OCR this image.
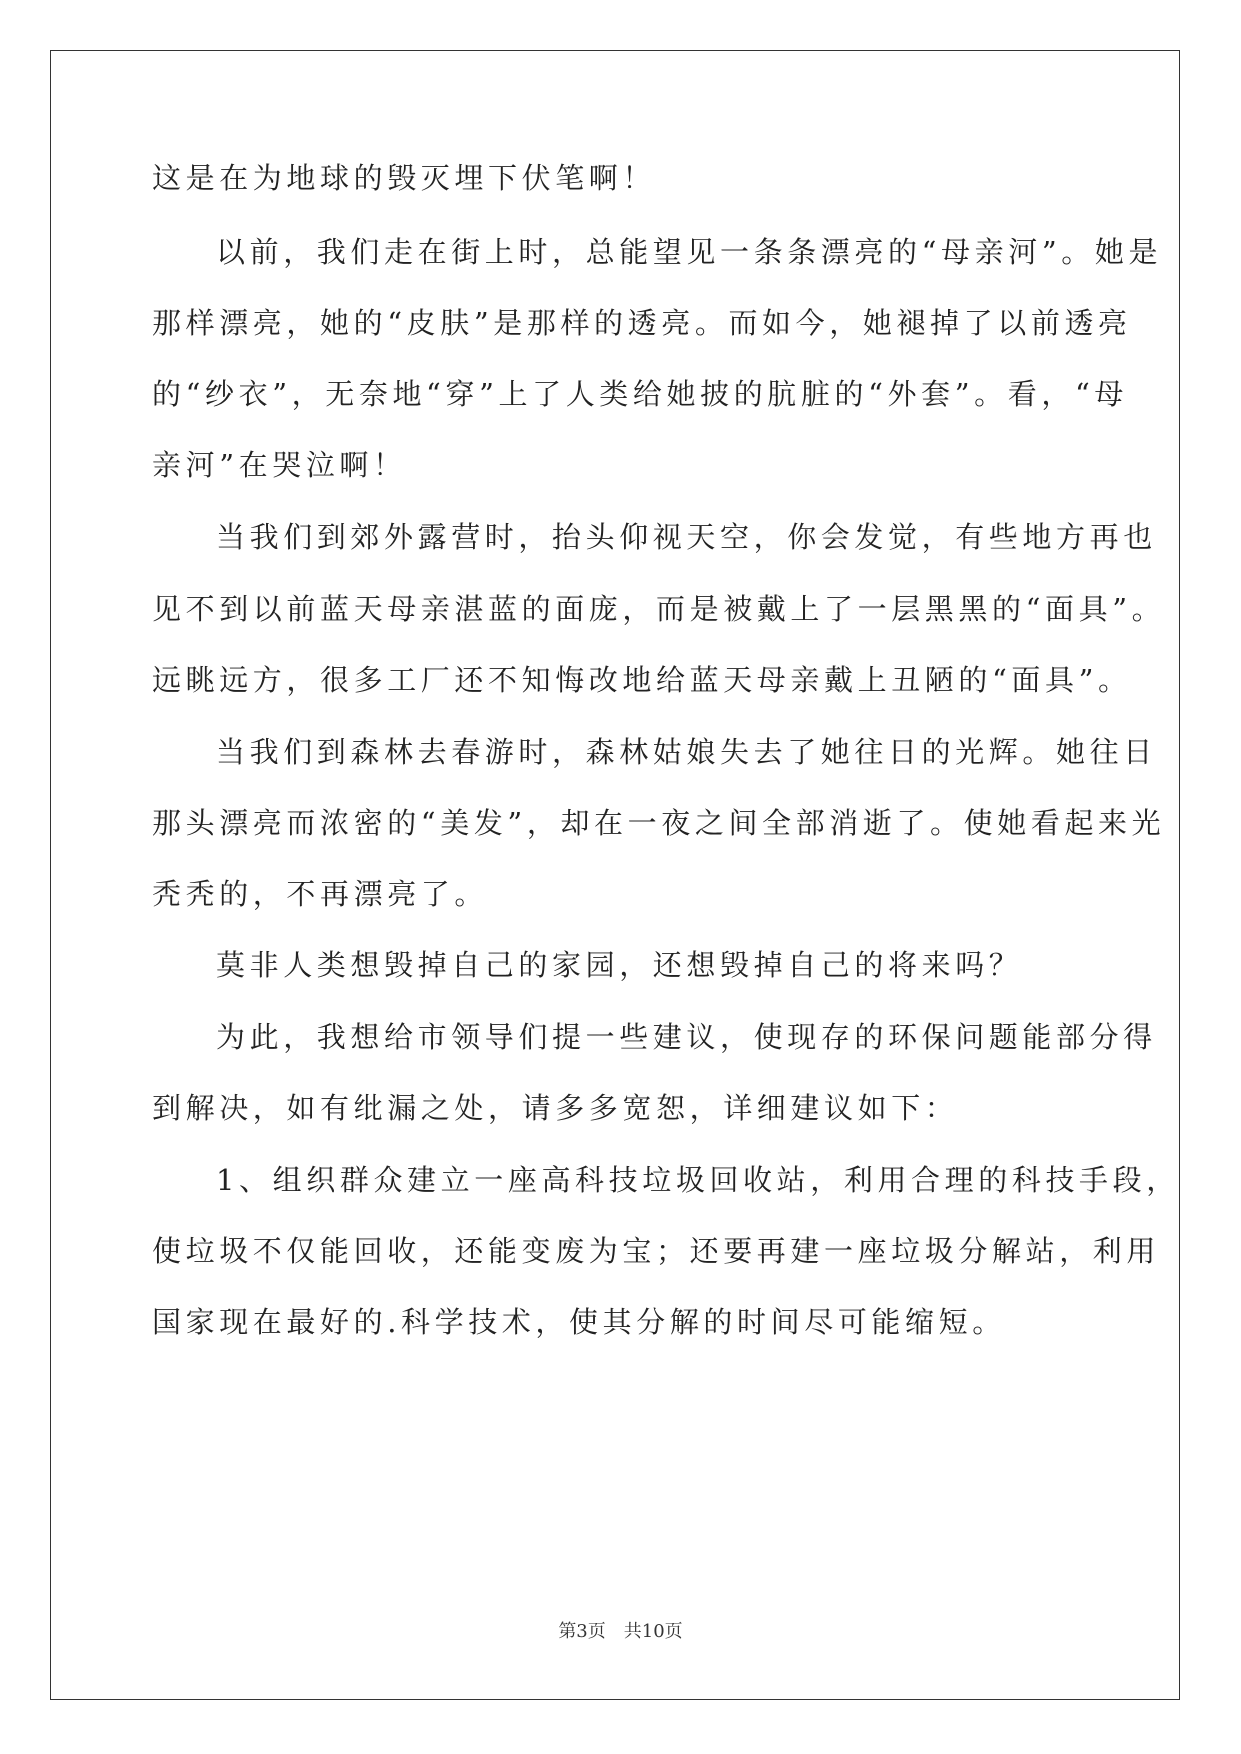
这是在为地球的毁灭埋下伏笔啊！
以前，我们走在街上时，总能望见一条条漂亮的“母亲河”。她是
那样漂亮，她的“皮肤”是那样的透亮。而如今，她褪掉了以前透亮
的“纱衣”，无奈地“穿”上了人类给她披的肮脏的“外套”。看，“母
亲河”在哭泣啊！
当我们到郊外露营时，抬头仰视天空，你会发觉，有些地方再也
见不到以前蓝天母亲湛蓝的面庞，而是被戴上了一层黑黑的“面具”。
远眺远方，很多工厂还不知悔改地给蓝天母亲戴上丑陋的“面具”。
当我们到森林去春游时，森林姑娘失去了她往日的光辉。她往日
那头漂亮而浓密的“美发”，却在一夜之间全部消逝了。使她看起来光
秃秃的，不再漂亮了。
莫非人类想毁掉自己的家园，还想毁掉自己的将来吗？
为此，我想给市领导们提一些建议，使现存的环保问题能部分得
到解决，如有纰漏之处，请多多宽恕，详细建议如下：
1、组织群众建立一座高科技垃圾回收站，利用合理的科技手段，
使垃圾不仅能回收，还能变废为宝；还要再建一座垃圾分解站，利用
国家现在最好的.科学技术，使其分解的时间尽可能缩短。
第3页　共10页
